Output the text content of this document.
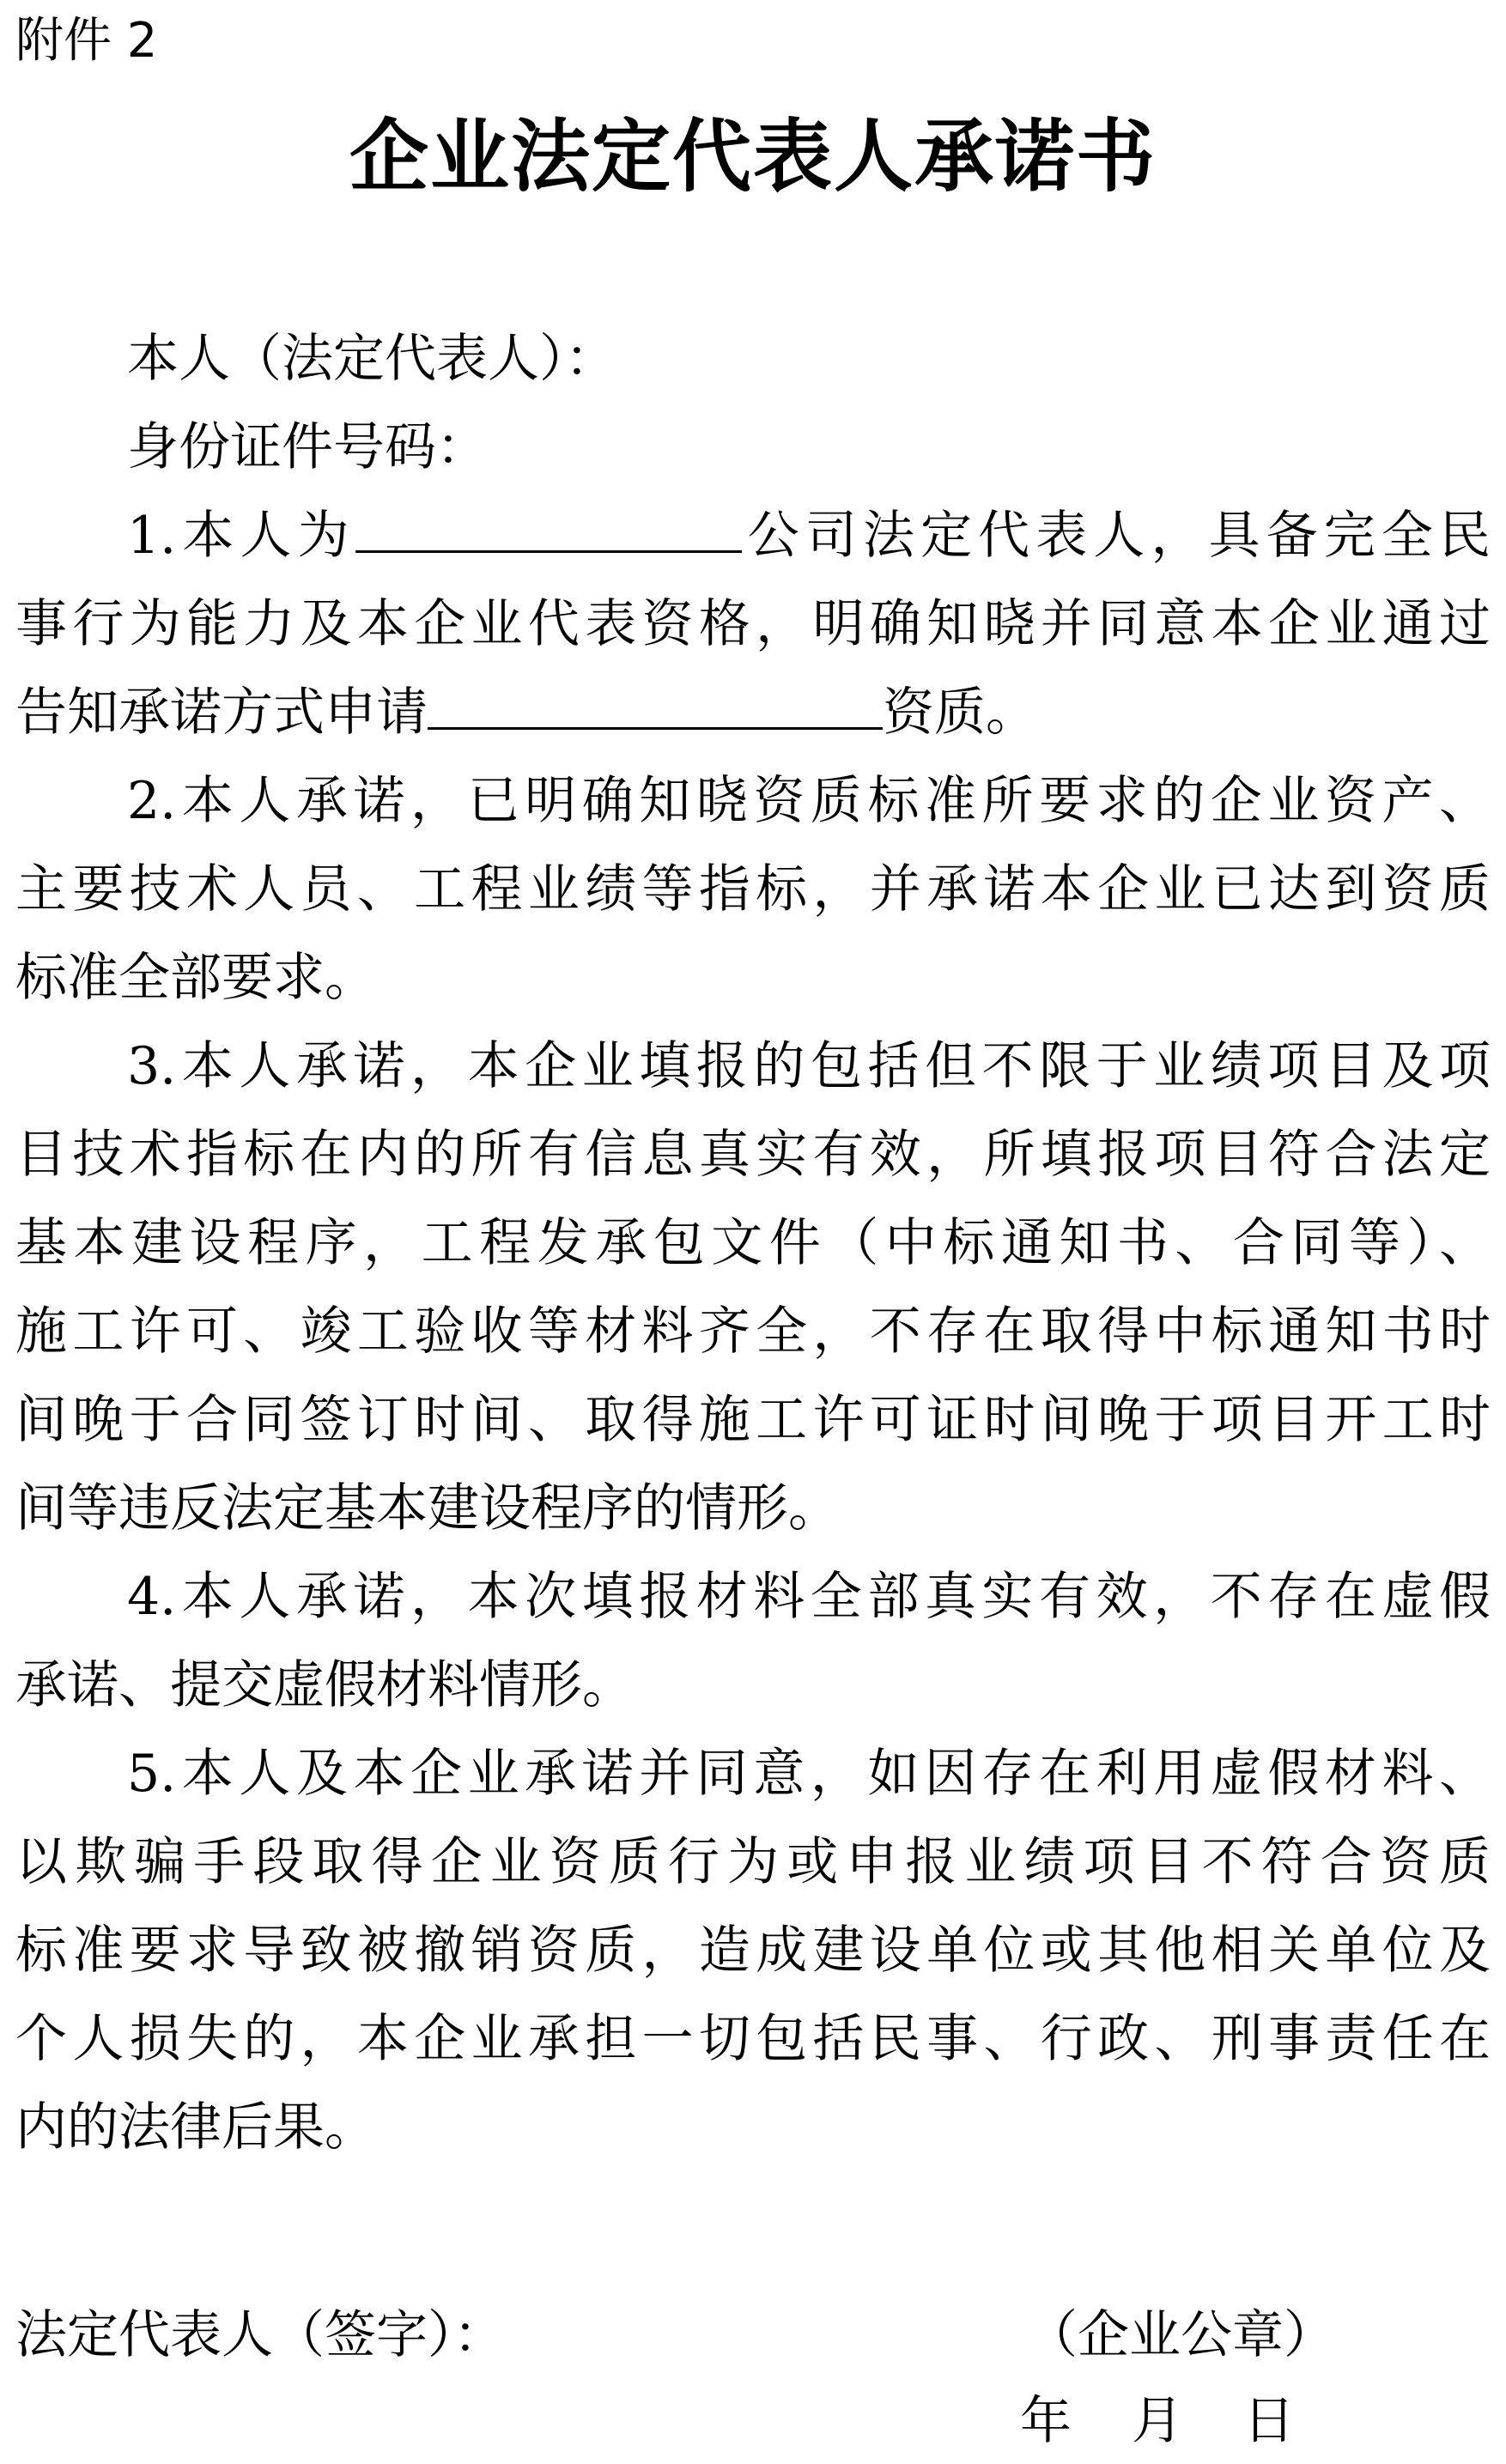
附件 2
企业法定代表人承诺书
本人（法定代表人）：
身份证件号码：
1.本人为	公司法定代表人，具备完全民
事行为能力及本企业代表资格，明确知晓并同意本企业通过
告知承诺方式申请	资质。
2.本人承诺，已明确知晓资质标准所要求的企业资产、
主要技术人员、工程业绩等指标，并承诺本企业已达到资质
标准全部要求。
3.本人承诺，本企业填报的包括但不限于业绩项目及项
目技术指标在内的所有信息真实有效，所填报项目符合法定
基本建设程序，工程发承包文件（中标通知书、合同等）、
施工许可、竣工验收等材料齐全，不存在取得中标通知书时
间晚于合同签订时间、取得施工许可证时间晚于项目开工时
间等违反法定基本建设程序的情形。
4.本人承诺，本次填报材料全部真实有效，不存在虚假
承诺、提交虚假材料情形。
5.本人及本企业承诺并同意，如因存在利用虚假材料、
以欺骗手段取得企业资质行为或申报业绩项目不符合资质
标准要求导致被撤销资质，造成建设单位或其他相关单位及
个人损失的，本企业承担一切包括民事、行政、刑事责任在
内的法律后果。
法定代表人（签字）：	（企业公章）
年 月 日
